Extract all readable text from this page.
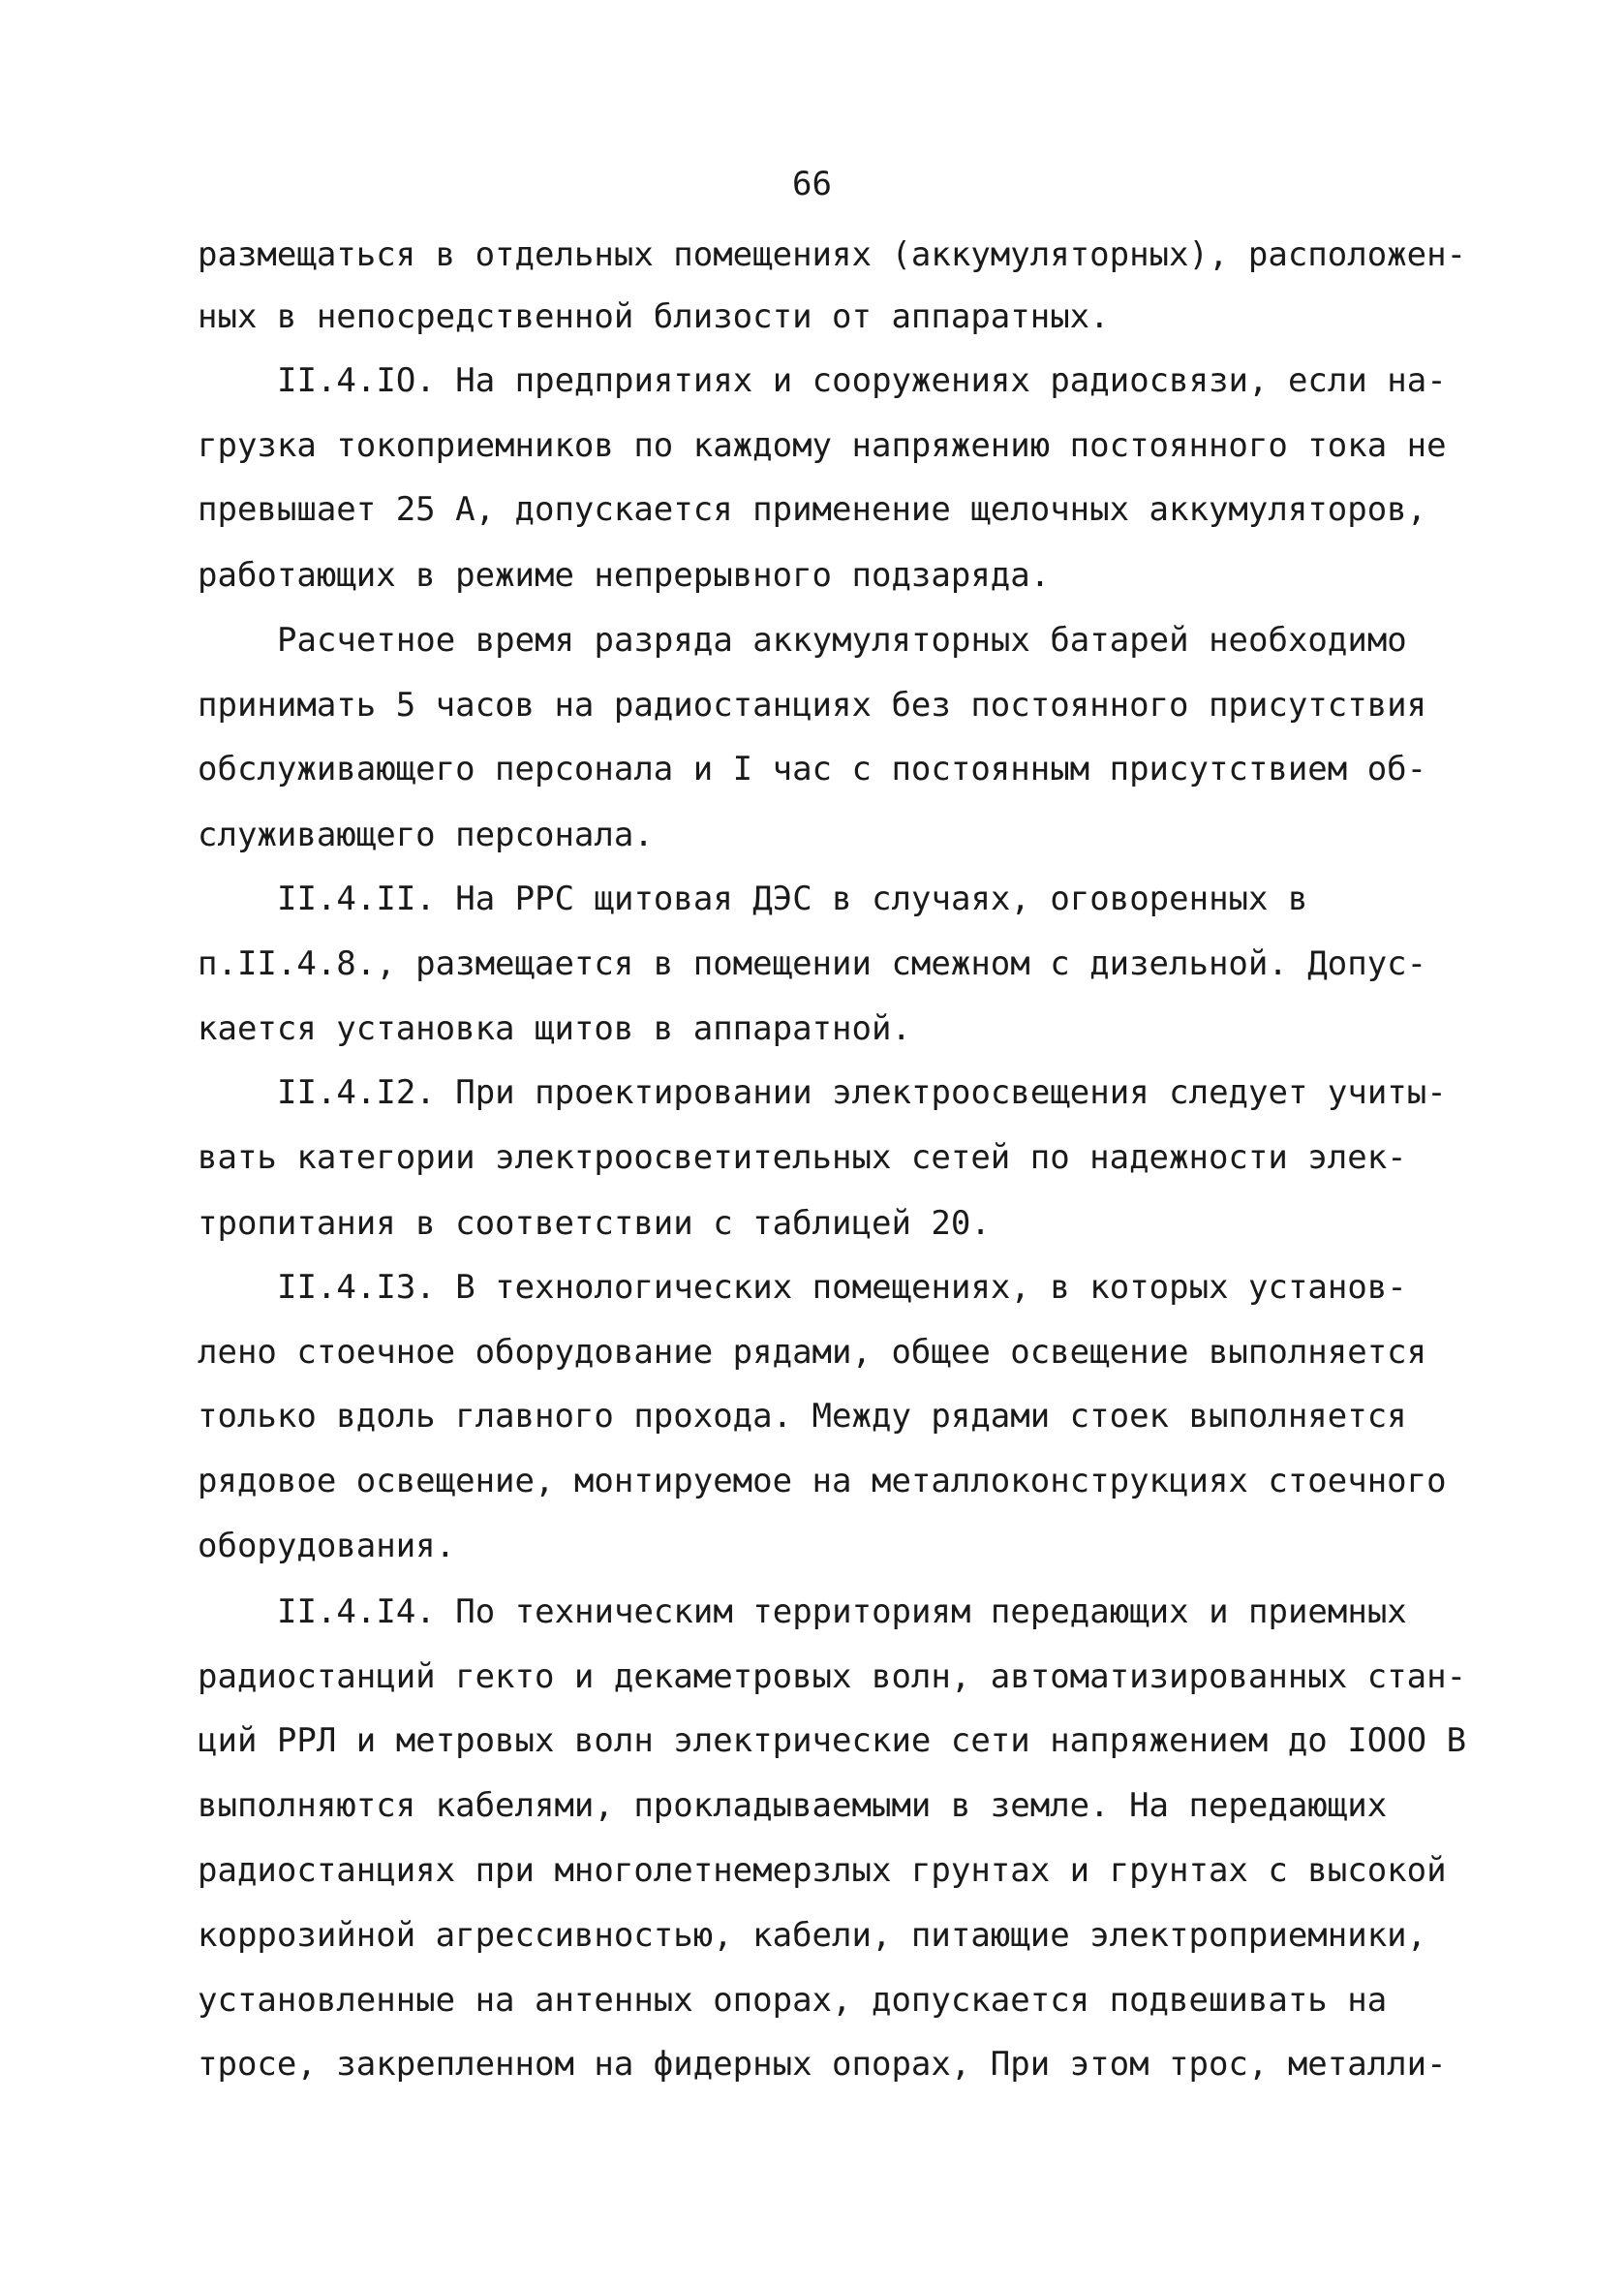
66
размещаться в отдельных помещениях (аккумуляторных), расположен-
ных в непосредственной близости от аппаратных.
II.4.IO. На предприятиях и сооружениях радиосвязи, если на-
грузка токоприемников по каждому напряжению постоянного тока не
превышает 25 А, допускается применение щелочных аккумуляторов,
работающих в режиме непрерывного подзаряда.
Расчетное время разряда аккумуляторных батарей необходимо
принимать 5 часов на радиостанциях без постоянного присутствия
обслуживающего персонала и I час с постоянным присутствием об-
служивающего персонала.
II.4.II. На РРС щитовая ДЭС в случаях, оговоренных в
п.II.4.8., размещается в помещении смежном с дизельной. Допус-
кается установка щитов в аппаратной.
II.4.I2. При проектировании электроосвещения следует учиты-
вать категории электроосветительных сетей по надежности элек-
тропитания в соответствии с таблицей 20.
II.4.I3. В технологических помещениях, в которых установ-
лено стоечное оборудование рядами, общее освещение выполняется
только вдоль главного прохода. Между рядами стоек выполняется
рядовое освещение, монтируемое на металлоконструкциях стоечного
оборудования.
II.4.I4. По техническим территориям передающих и приемных
радиостанций гекто и декаметровых волн, автоматизированных стан-
ций РРЛ и метровых волн электрические сети напряжением до IOOO В
выполняются кабелями, прокладываемыми в земле. На передающих
радиостанциях при многолетнемерзлых грунтах и грунтах с высокой
коррозийной агрессивностью, кабели, питающие электроприемники,
установленные на антенных опорах, допускается подвешивать на
тросе, закрепленном на фидерных опорах, При этом трос, металли-
